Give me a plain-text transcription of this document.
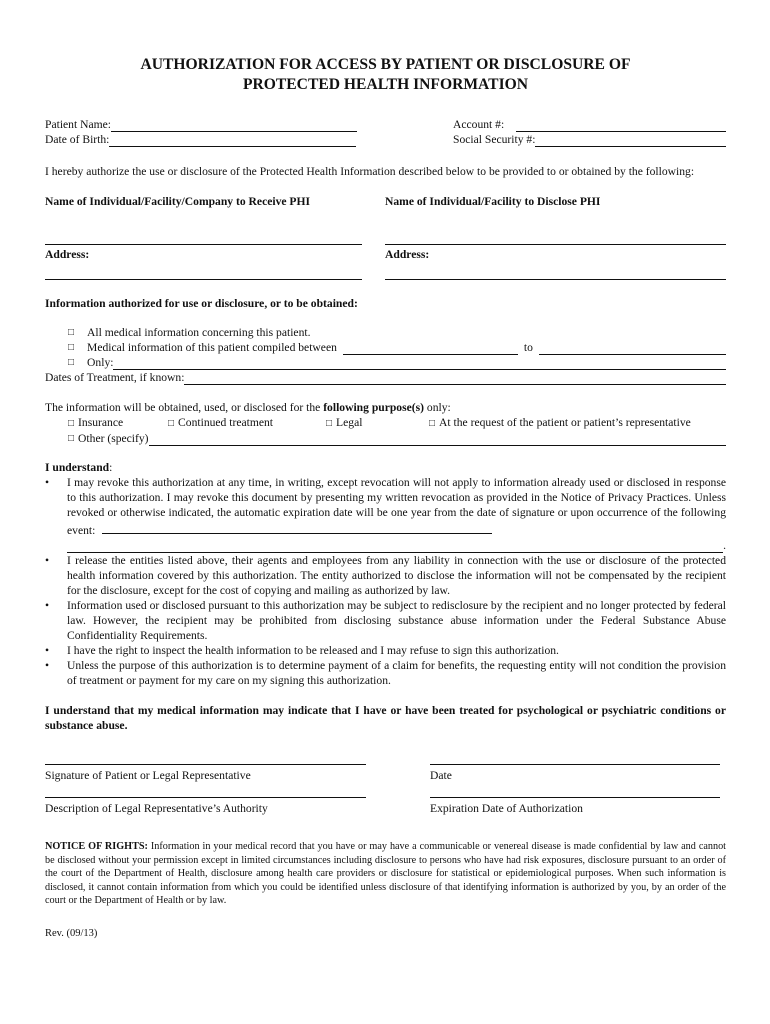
AUTHORIZATION FOR ACCESS BY PATIENT OR DISCLOSURE OF
PROTECTED HEALTH INFORMATION
Patient Name:	Account #:
Date of Birth:	Social Security #:

I hereby authorize the use or disclosure of the Protected Health Information described below to be provided to or obtained by the following:

Name of Individual/Facility/Company to Receive PHI	Name of Individual/Facility to Disclose PHI
Address:	Address:

Information authorized for use or disclosure, or to be obtained:

□ All medical information concerning this patient.
□ Medical information of this patient compiled between	to
□ Only:
Dates of Treatment, if known:

The information will be obtained, used, or disclosed for the following purpose(s) only:

□ Insurance	□ Continued treatment	□ Legal	□ At the request of the patient or patient’s representative
□ Other (specify)

I understand:

• I may revoke this authorization at any time, in writing, except revocation will not apply to information already used or disclosed in response to this authorization. I may revoke this document by presenting my written revocation as provided in the Notice of Privacy Practices. Unless revoked or otherwise indicated, the automatic expiration date will be one year from the date of signature or upon occurrence of the following event:
.
• I release the entities listed above, their agents and employees from any liability in connection with the use or disclosure of the protected health information covered by this authorization. The entity authorized to disclose the information will not be compensated by the recipient for the disclosure, except for the cost of copying and mailing as authorized by law.
• Information used or disclosed pursuant to this authorization may be subject to redisclosure by the recipient and no longer protected by federal law. However, the recipient may be prohibited from disclosing substance abuse information under the Federal Substance Abuse Confidentiality Requirements.
• I have the right to inspect the health information to be released and I may refuse to sign this authorization.
• Unless the purpose of this authorization is to determine payment of a claim for benefits, the requesting entity will not condition the provision of treatment or payment for my care on my signing this authorization.

I understand that my medical information may indicate that I have or have been treated for psychological or psychiatric conditions or substance abuse.

Signature of Patient or Legal Representative	Date
Description of Legal Representative’s Authority	Expiration Date of Authorization

NOTICE OF RIGHTS: Information in your medical record that you have or may have a communicable or venereal disease is made confidential by law and cannot be disclosed without your permission except in limited circumstances including disclosure to persons who have had risk exposures, disclosure pursuant to an order of the court of the Department of Health, disclosure among health care providers or disclosure for statistical or epidemiological purposes. When such information is disclosed, it cannot contain information from which you could be identified unless disclosure of that identifying information is authorized by you, by an order of the court or the Department of Health or by law.

Rev. (09/13)
